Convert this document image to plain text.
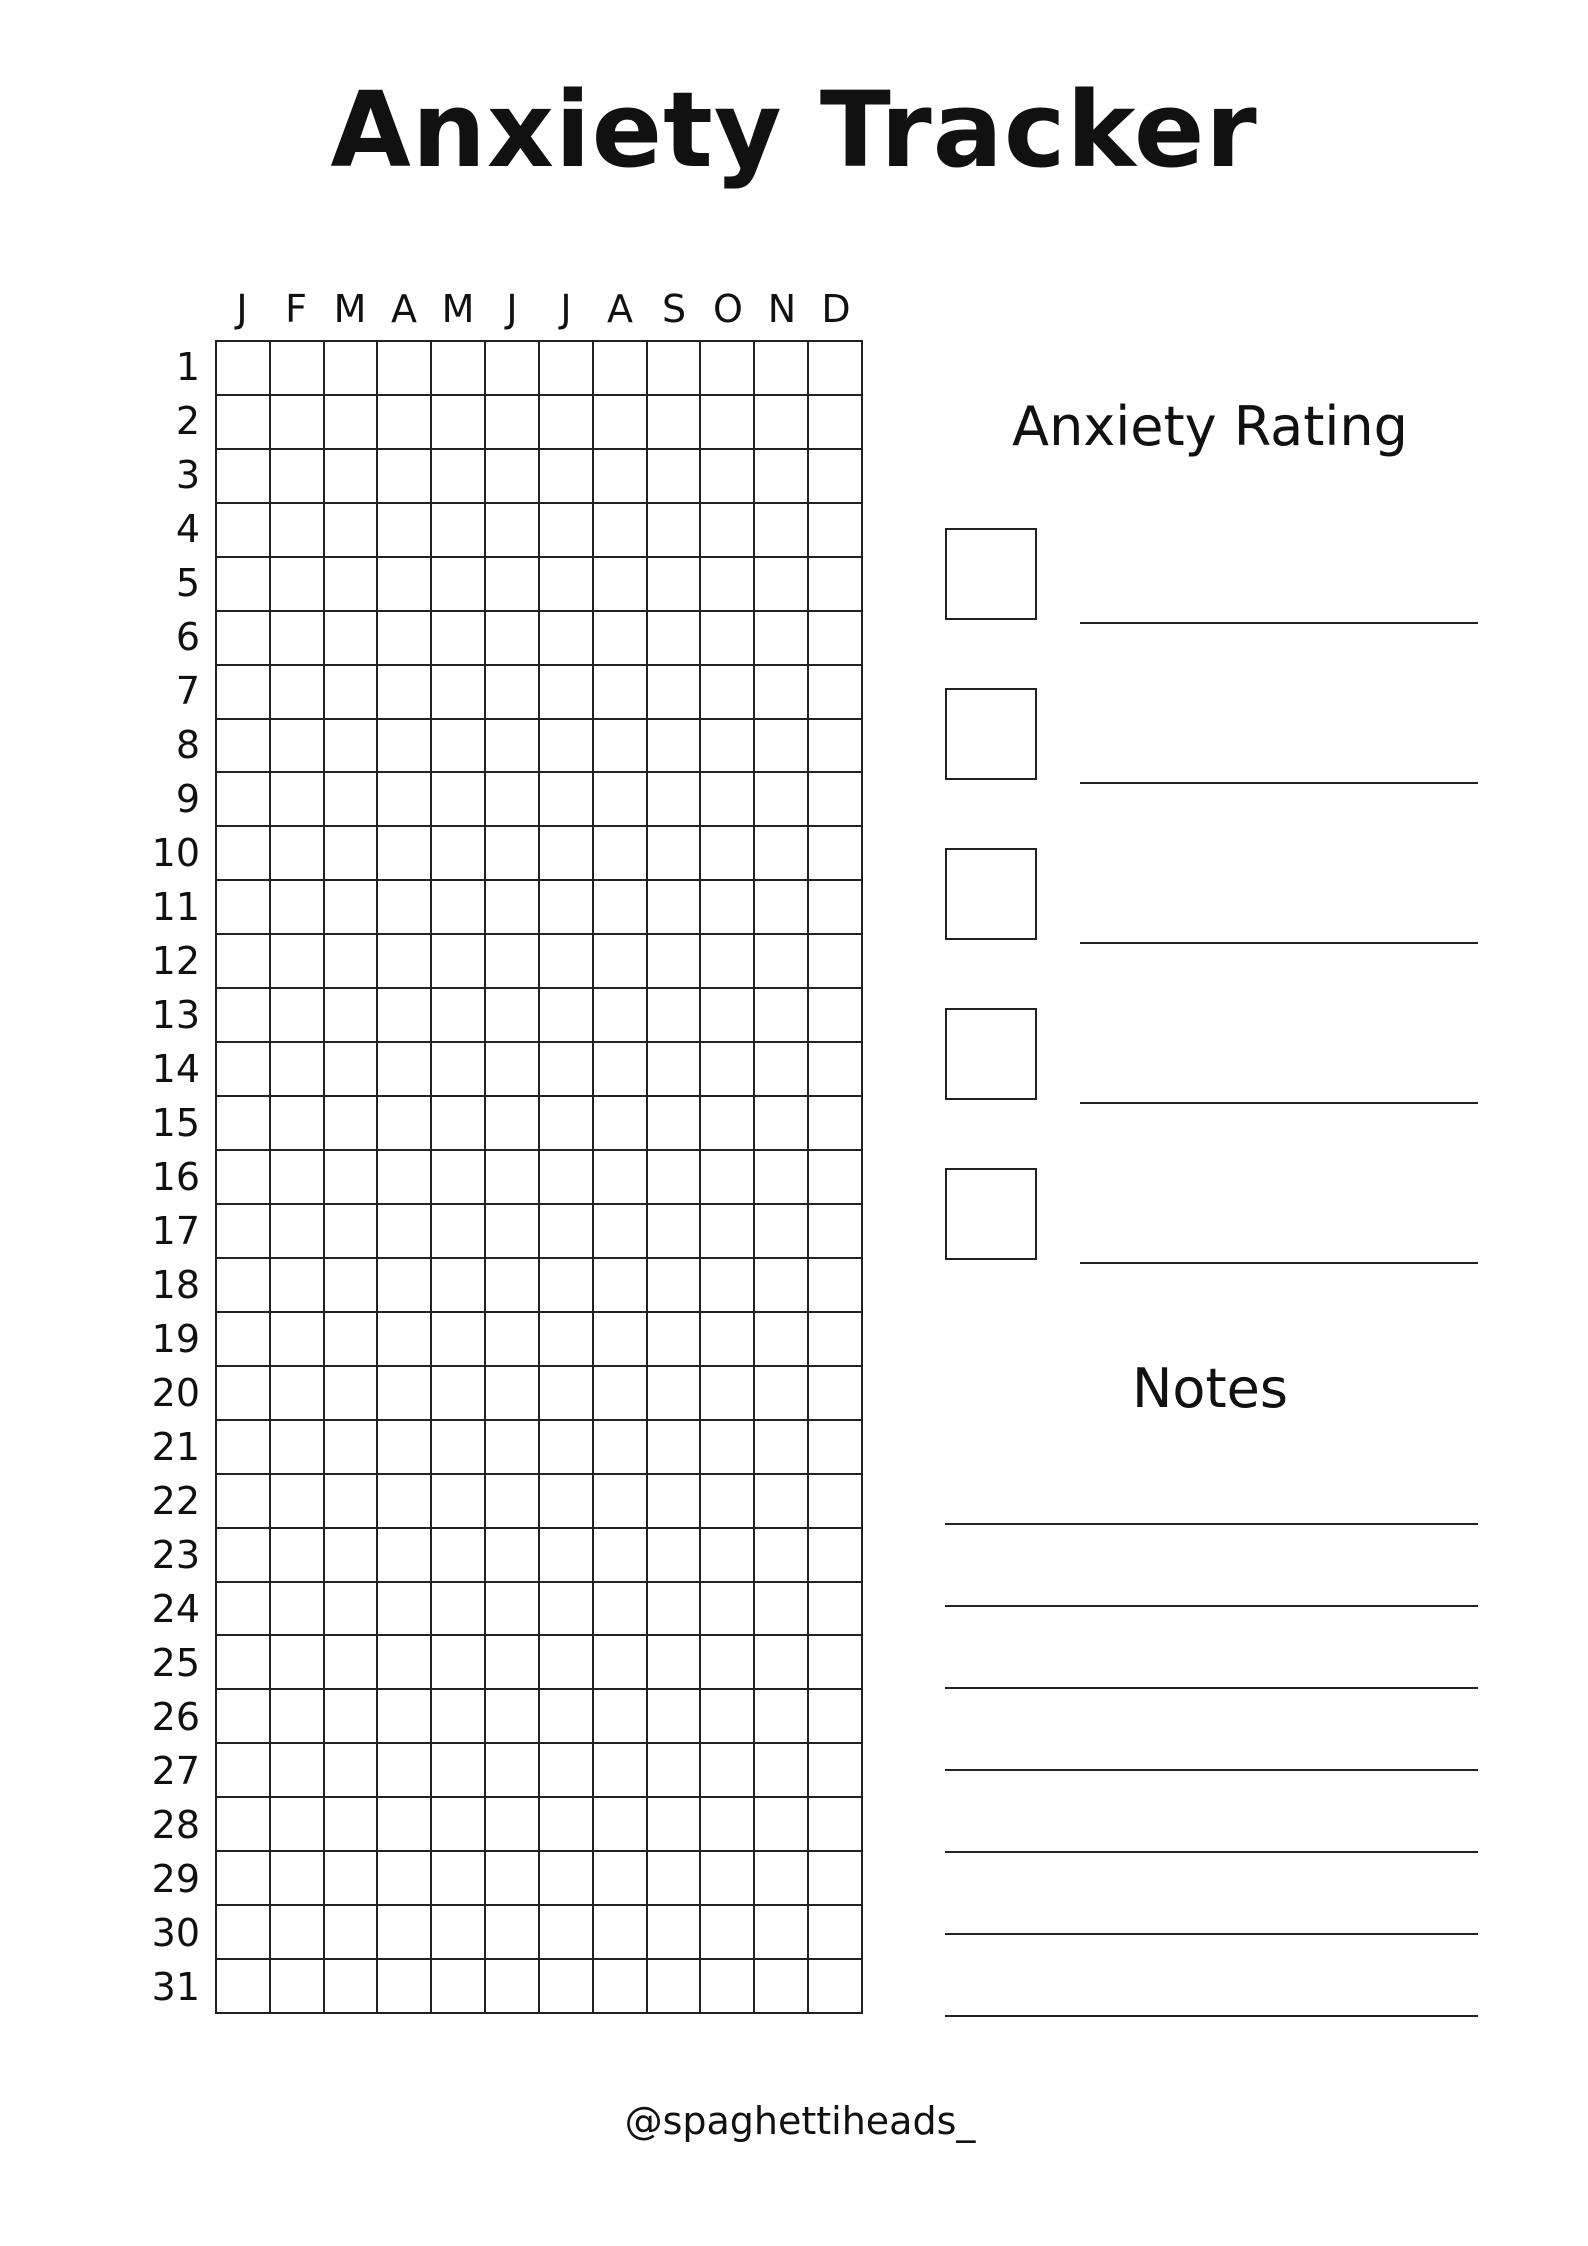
Anxiety Tracker
J F M A M J	J A S O N D
1
2
3
4
5
6
7
8
9
10
11
12
13
14
15
16
17
18
19
20
21
22
23
24
25
26
27
28
29
30
31
Anxiety Rating
Notes
@spaghettiheads_
